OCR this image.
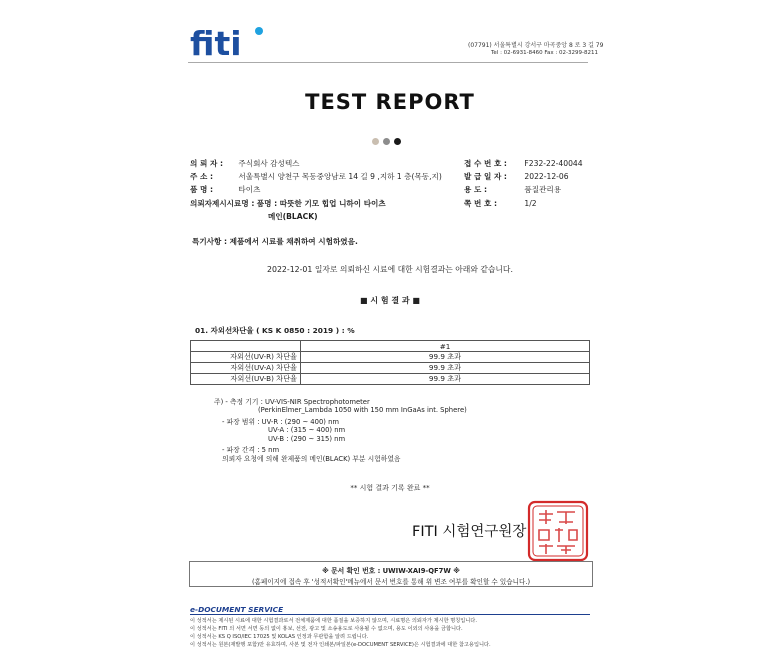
fiti	(07791) 서울특별시 강서구 마곡중앙 8 로 3 길 79
Tel : 02-6931-8460 Fax : 02-3299-8211
TEST REPORT
의 뢰 자 : 주식회사 감성텍스
주 소 :	서울특별시 양천구 목동중앙남로 14 길 9 ,지하 1 층(목동,지)
품 명 :	타이츠
의뢰자제시시료명 : 품명 : 따뜻한 기모 힙업 니하이 타이츠
메인(BLACK)
접 수 번 호 : F232-22-40044
발 급 일 자 : 2022-12-06
용 도 :	품질관리용
쪽 번 호 :	1/2
특기사항 : 제품에서 시료를 채취하여 시험하였음.
2022-12-01 일자로 의뢰하신 시료에 대한 시험결과는 아래와 같습니다.
■ 시 험 결 과 ■
01. 자외선차단율 ( KS K 0850 : 2019 ) : %
	#1
자외선(UV-R) 차단율	99.9 초과
자외선(UV-A) 차단율	99.9 초과
자외선(UV-B) 차단율	99.9 초과
주) - 측정 기기 : UV-VIS-NIR Spectrophotometer
(PerkinElmer_Lambda 1050 with 150 mm InGaAs int. Sphere)
- 파장 범위 : UV-R : (290 ~ 400) nm
UV-A : (315 ~ 400) nm
UV-B : (290 ~ 315) nm
- 파장 간격 : 5 nm
의뢰자 요청에 의해 완제품의 메인(BLACK) 부분 시험하였음
** 시험 결과 기록 완료 **
FITI 시험연구원장
※ 문서 확인 번호 : UWIW-XAI9-QF7W ※
(홈페이지에 접속 후 '성적서확인'메뉴에서 문서 번호를 통해 위 변조 여부를 확인할 수 있습니다.)
e-DOCUMENT SERVICE
이 성적서는 제시된 시료에 대한 시험결과로서 전체제품에 대한 품질을 보증하지 않으며, 시료명은 의뢰자가 제시한 명칭입니다.
이 성적서는 FITI 의 서면 서면 동의 없이 홍보, 선전, 광고 및 소송용도로 사용될 수 없으며, 용도 이외의 사용을 금합니다.
이 성적서는 KS Q ISO/IEC 17025 및 KOLAS 인정과 무관함을 알려 드립니다.
이 성적서는 원본(재발행 포함)만 유효하며, 사본 및 전자 인쇄본/파일본(e-DOCUMENT SERVICE)은 시험결과에 대한 참고용입니다.
